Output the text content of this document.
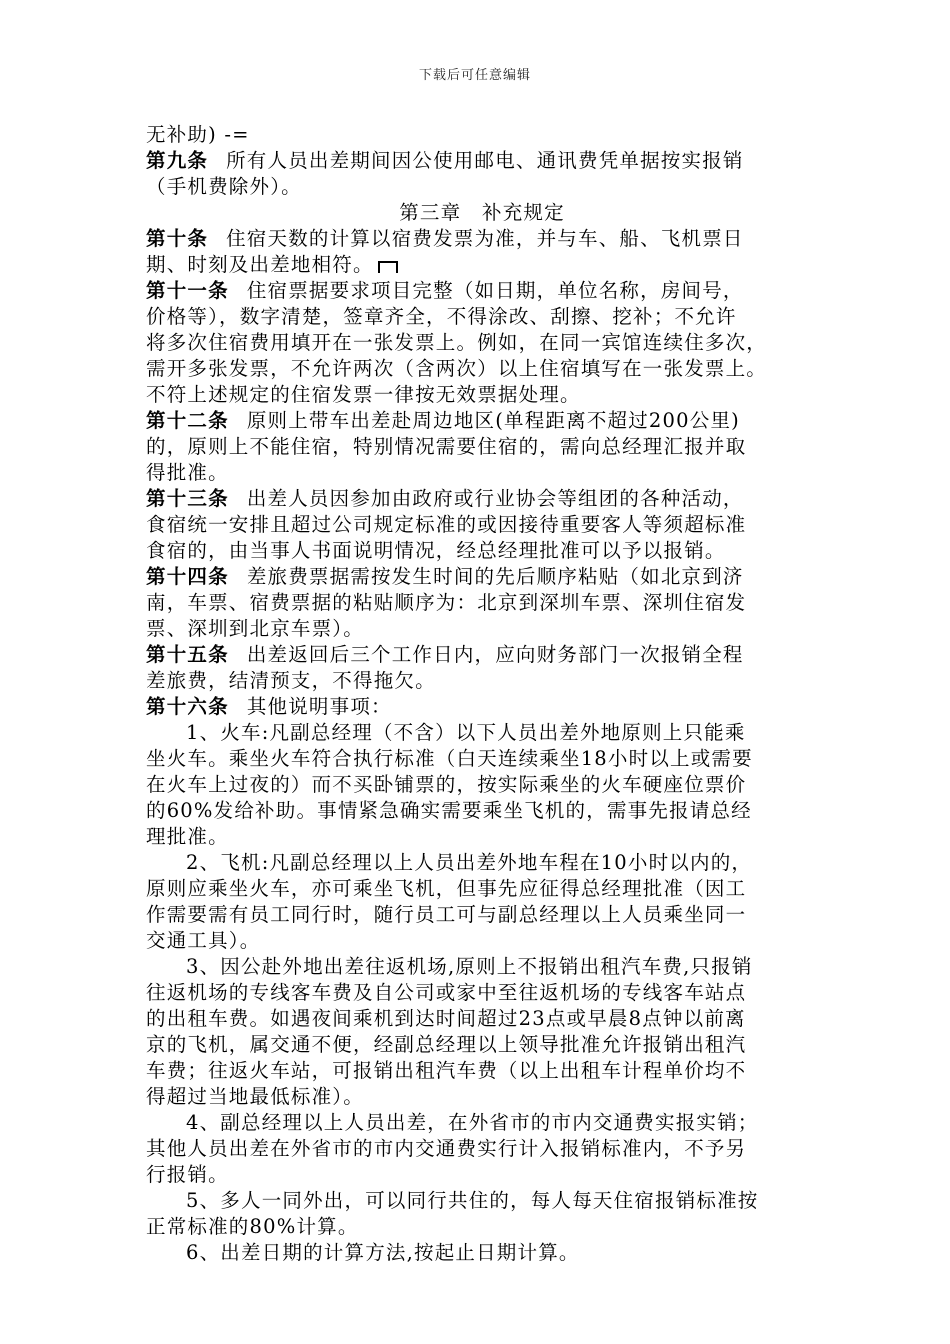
下载后可任意编辑
无补助) -=
第九条 所有人员出差期间因公使用邮电、通讯费凭单据按实报销
（手机费除外）。
第三章　补充规定
第十条 住宿天数的计算以宿费发票为准，并与车、船、飞机票日
期、时刻及出差地相符。
第十一条 住宿票据要求项目完整（如日期，单位名称，房间号，
价格等），数字清楚，签章齐全，不得涂改、刮擦、挖补；不允许
将多次住宿费用填开在一张发票上。例如，在同一宾馆连续住多次，
需开多张发票，不允许两次（含两次）以上住宿填写在一张发票上。
不符上述规定的住宿发票一律按无效票据处理。
第十二条 原则上带车出差赴周边地区(单程距离不超过200公里)
的，原则上不能住宿，特别情况需要住宿的，需向总经理汇报并取
得批准。
第十三条 出差人员因参加由政府或行业协会等组团的各种活动，
食宿统一安排且超过公司规定标准的或因接待重要客人等须超标准
食宿的，由当事人书面说明情况，经总经理批准可以予以报销。
第十四条 差旅费票据需按发生时间的先后顺序粘贴（如北京到济
南，车票、宿费票据的粘贴顺序为：北京到深圳车票、深圳住宿发
票、深圳到北京车票）。
第十五条 出差返回后三个工作日内，应向财务部门一次报销全程
差旅费，结清预支，不得拖欠。
第十六条 其他说明事项：
1、火车:凡副总经理（不含）以下人员出差外地原则上只能乘
坐火车。乘坐火车符合执行标准（白天连续乘坐18小时以上或需要
在火车上过夜的）而不买卧铺票的，按实际乘坐的火车硬座位票价
的60%发给补助。事情紧急确实需要乘坐飞机的，需事先报请总经
理批准。
2、飞机:凡副总经理以上人员出差外地车程在10小时以内的，
原则应乘坐火车，亦可乘坐飞机，但事先应征得总经理批准（因工
作需要需有员工同行时，随行员工可与副总经理以上人员乘坐同一
交通工具）。
3、因公赴外地出差往返机场,原则上不报销出租汽车费,只报销
往返机场的专线客车费及自公司或家中至往返机场的专线客车站点
的出租车费。如遇夜间乘机到达时间超过23点或早晨8点钟以前离
京的飞机，属交通不便，经副总经理以上领导批准允许报销出租汽
车费；往返火车站，可报销出租汽车费（以上出租车计程单价均不
得超过当地最低标准）。
4、副总经理以上人员出差，在外省市的市内交通费实报实销；
其他人员出差在外省市的市内交通费实行计入报销标准内，不予另
行报销。
5、多人一同外出，可以同行共住的，每人每天住宿报销标准按
正常标准的80%计算。
6、出差日期的计算方法,按起止日期计算。
